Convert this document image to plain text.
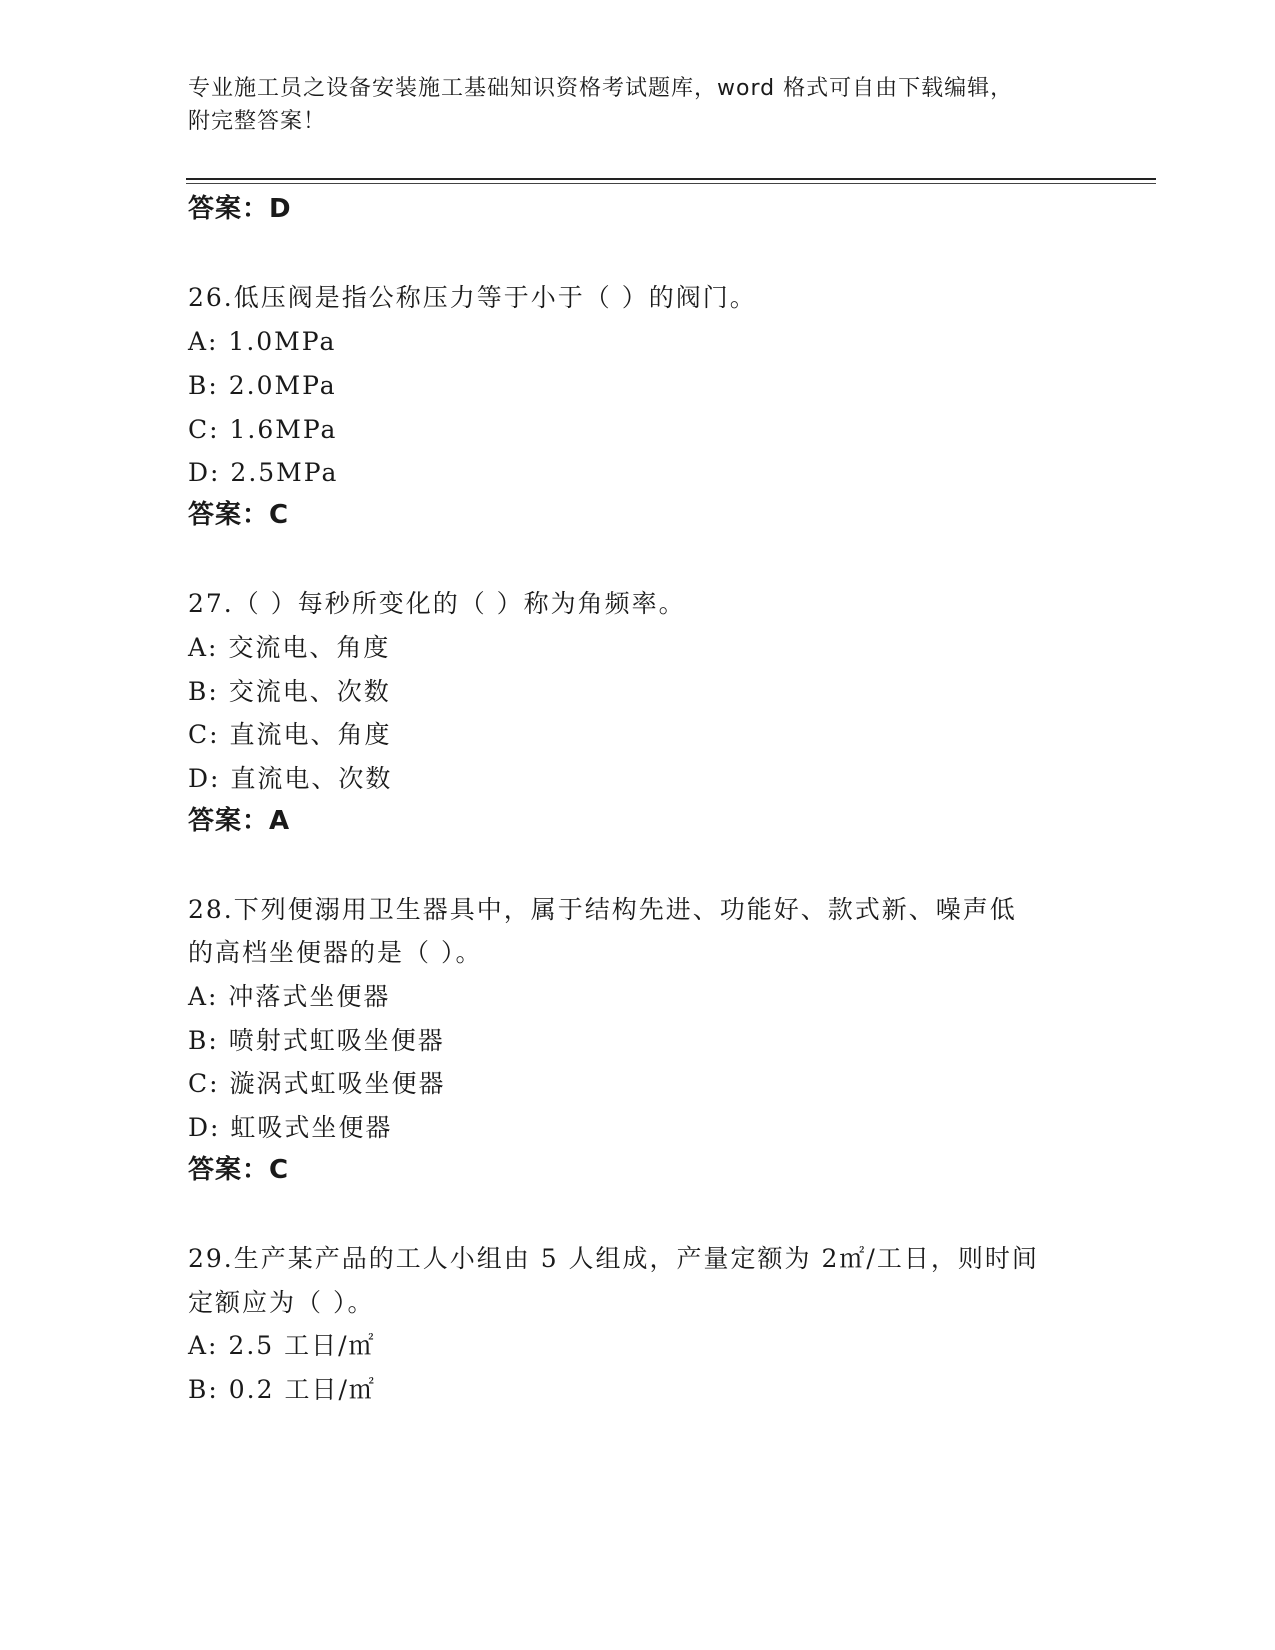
专业施工员之设备安装施工基础知识资格考试题库，word 格式可自由下载编辑，
附完整答案！
答案：D
26.低压阀是指公称压力等于小于（ ）的阀门。
A: 1.0MPa
B: 2.0MPa
C: 1.6MPa
D: 2.5MPa
答案：C
27.（ ）每秒所变化的（ ）称为角频率。
A: 交流电、角度
B: 交流电、次数
C: 直流电、角度
D: 直流电、次数
答案：A
28.下列便溺用卫生器具中，属于结构先进、功能好、款式新、噪声低
的高档坐便器的是（ ）。
A: 冲落式坐便器
B: 喷射式虹吸坐便器
C: 漩涡式虹吸坐便器
D: 虹吸式坐便器
答案：C
29.生产某产品的工人小组由 5 人组成，产量定额为 2㎡/工日，则时间
定额应为（ ）。
A: 2.5 工日/㎡
B: 0.2 工日/㎡
